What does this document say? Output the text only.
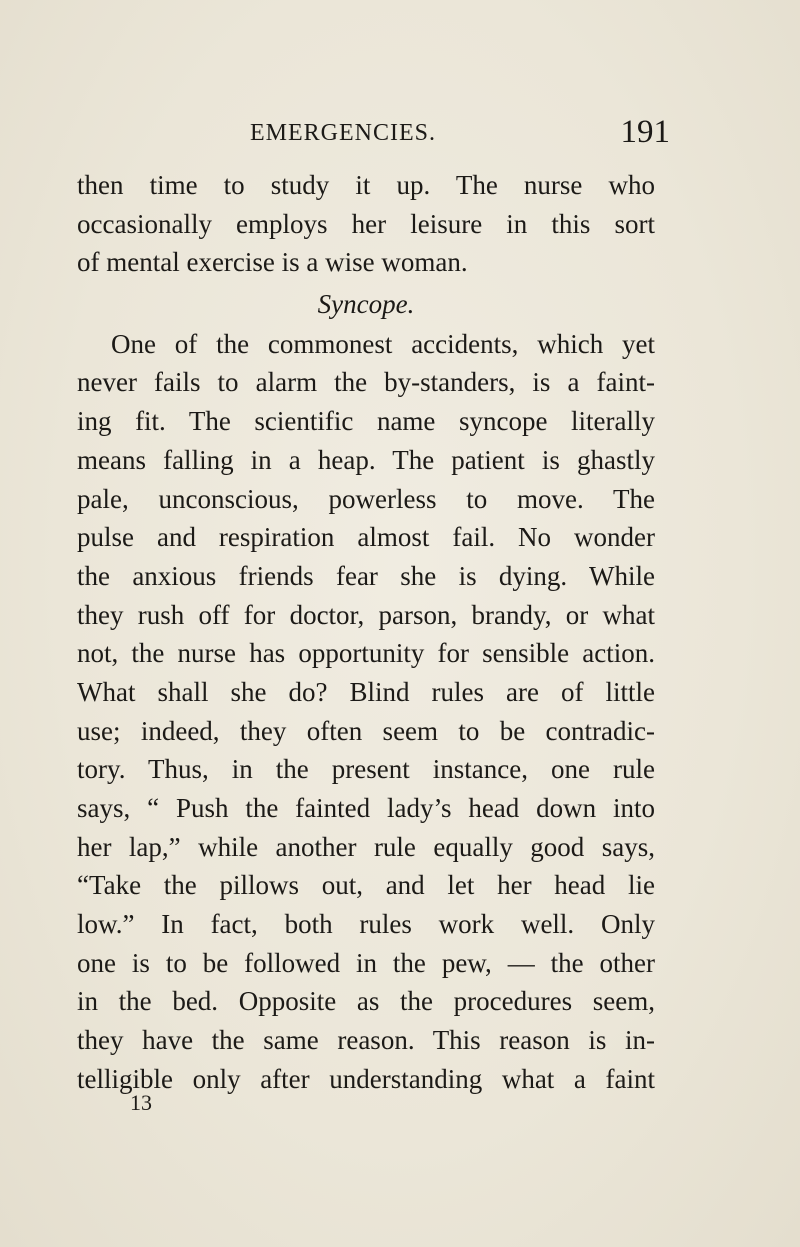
EMERGENCIES.	191
then time to study it up. The nurse who
occasionally employs her leisure in this sort
of mental exercise is a wise woman.
Syncope.
One of the commonest accidents, which yet
never fails to alarm the by-standers, is a faint-
ing fit. The scientific name syncope literally
means falling in a heap. The patient is ghastly
pale, unconscious, powerless to move. The
pulse and respiration almost fail. No wonder
the anxious friends fear she is dying. While
they rush off for doctor, parson, brandy, or what
not, the nurse has opportunity for sensible action.
What shall she do? Blind rules are of little
use; indeed, they often seem to be contradic-
tory. Thus, in the present instance, one rule
says, “ Push the fainted lady’s head down into
her lap,” while another rule equally good says,
“Take the pillows out, and let her head lie
low.” In fact, both rules work well. Only
one is to be followed in the pew, — the other
in the bed. Opposite as the procedures seem,
they have the same reason. This reason is in-
telligible only after understanding what a faint
13
